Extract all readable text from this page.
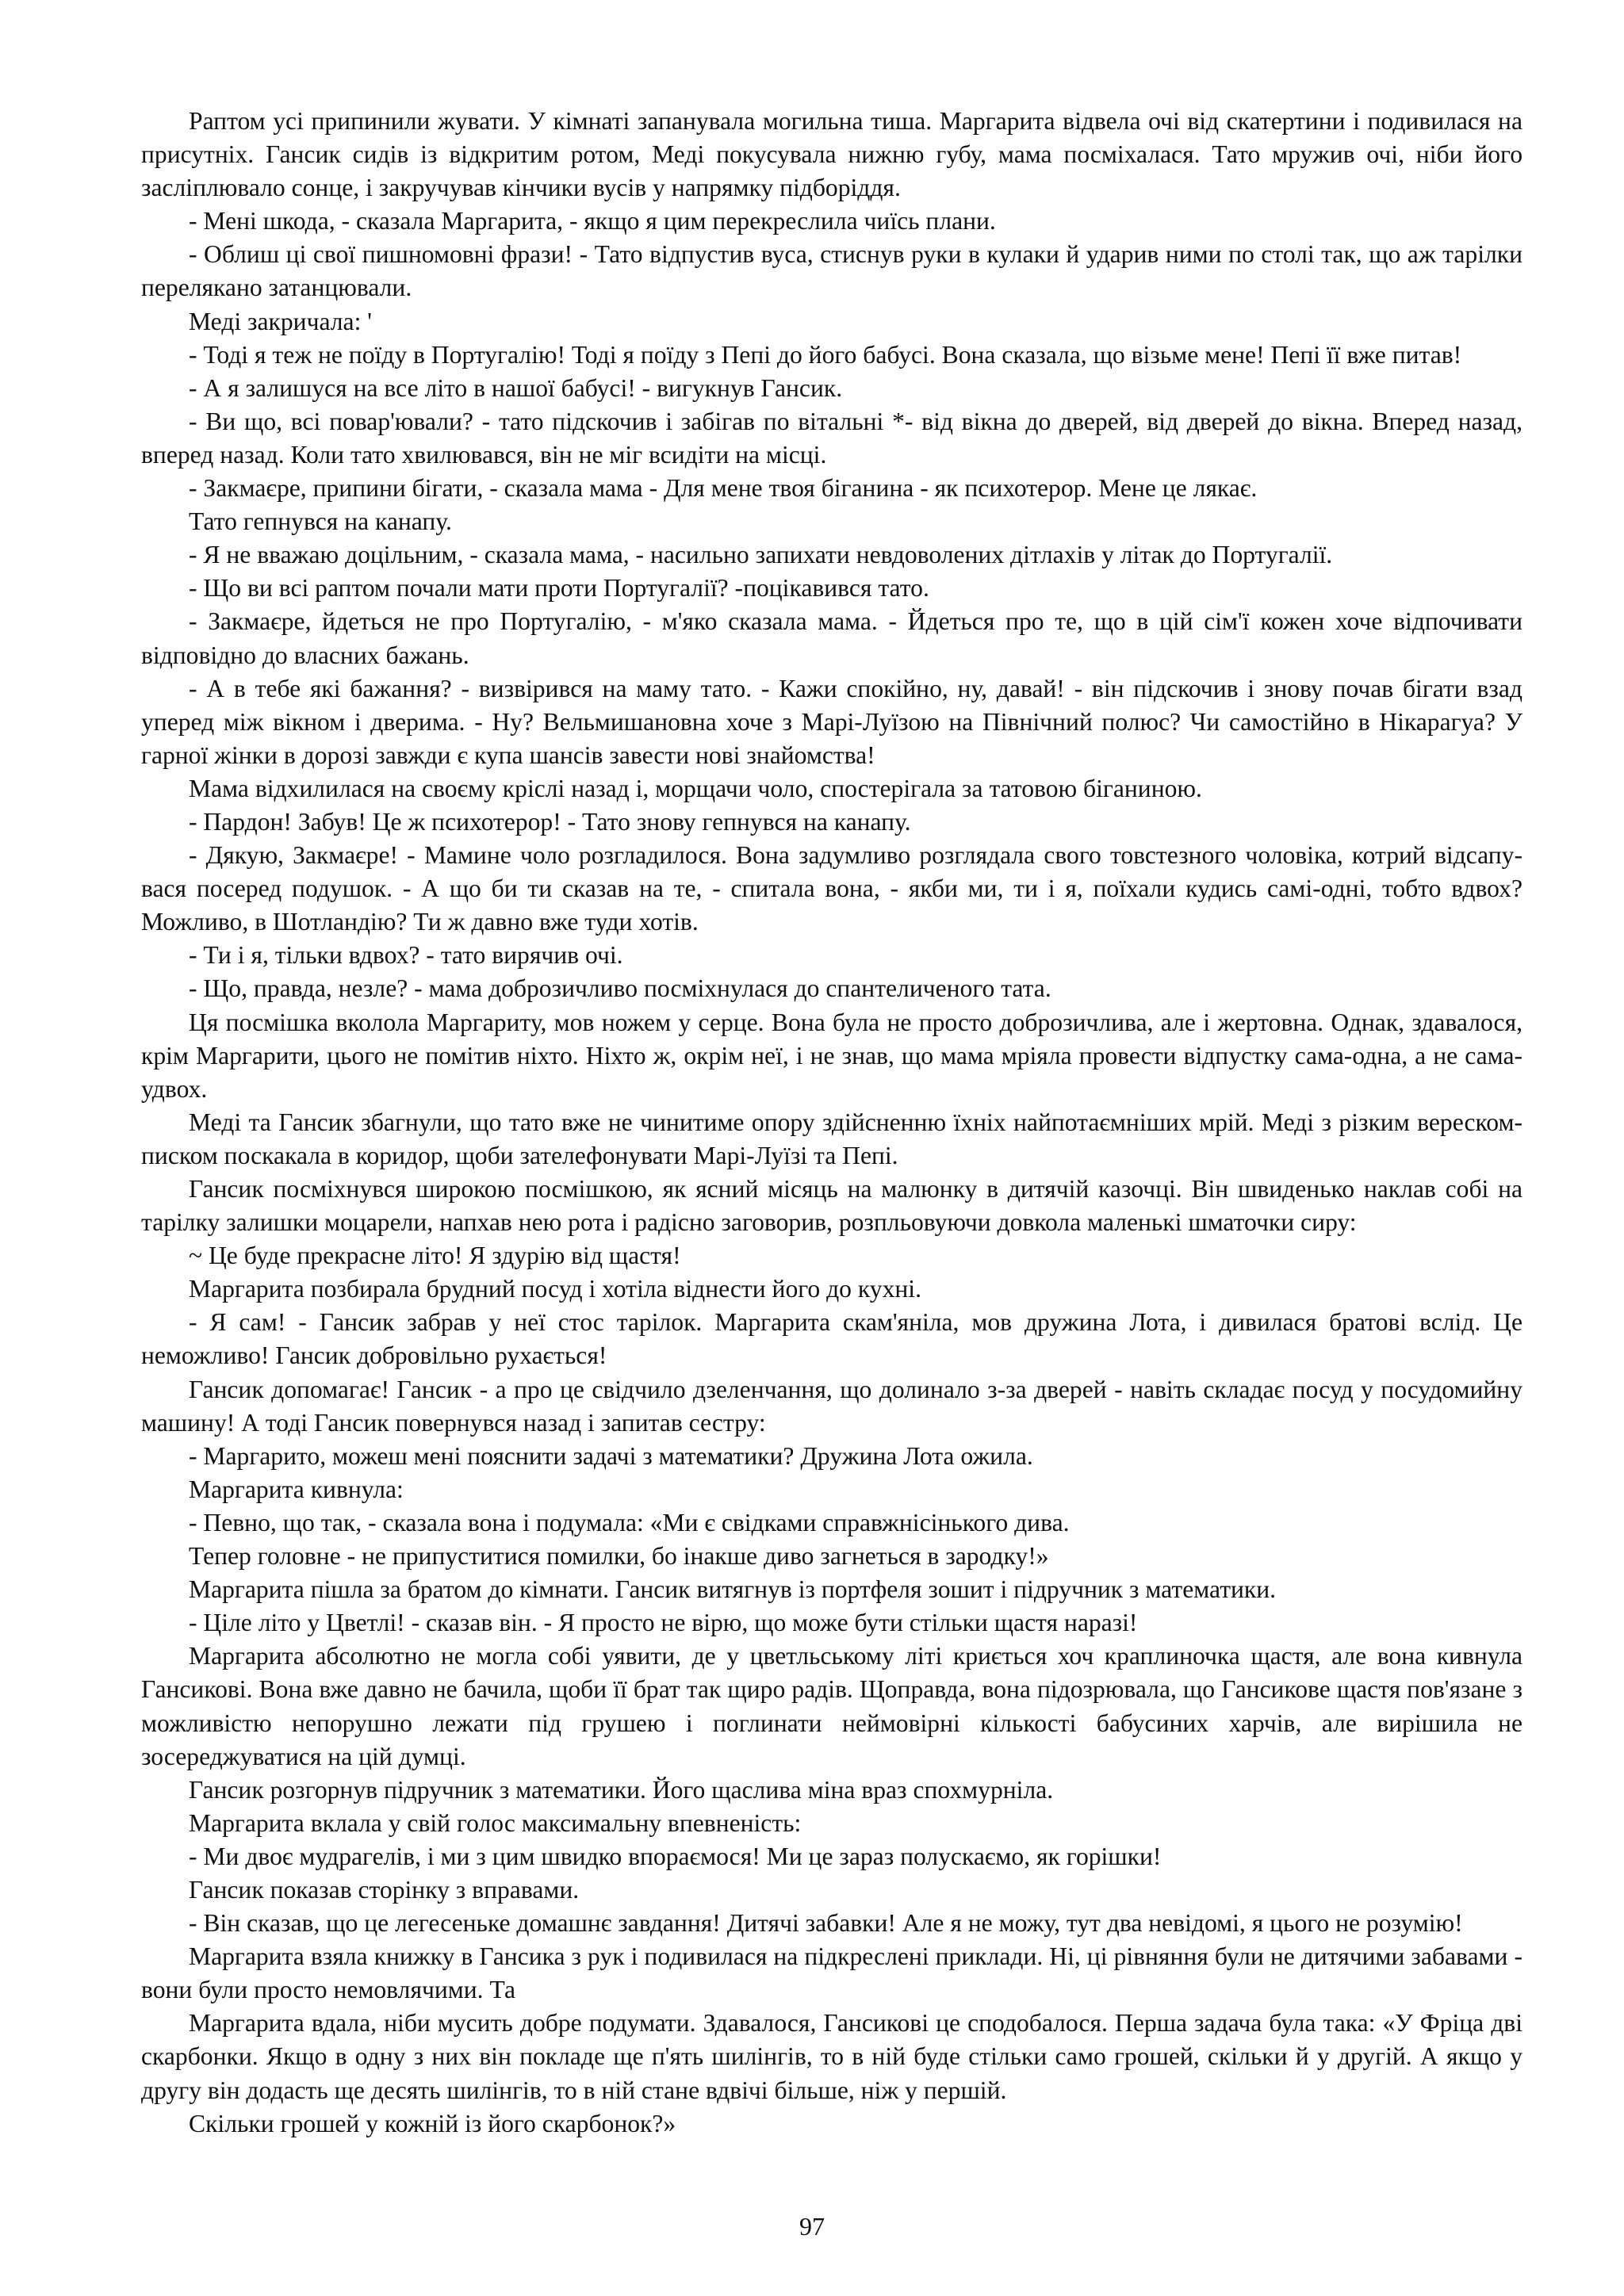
Раптом усі припинили жувати. У кімнаті запанувала могильна тиша. Маргарита відвела очі від скатертини і подивилася на присутніх. Гансик сидів із відкритим ротом, Меді покусувала нижню губу, мама посміхалася. Тато мружив очі, ніби його засліплювало сонце, і закручував кінчики вусів у напрямку підборіддя.

- Мені шкода, - сказала Маргарита, - якщо я цим перекреслила чиїсь плани.

- Облиш ці свої пишномовні фрази! - Тато відпустив вуса, стиснув руки в кулаки й ударив ними по столі так, що аж тарілки перелякано затанцювали.

Меді закричала: '

- Тоді я теж не поїду в Португалію! Тоді я поїду з Пепі до його бабусі. Вона сказала, що візьме мене! Пепі її вже питав!

- А я залишуся на все літо в нашої бабусі! - вигукнув Гансик.

- Ви що, всі повар'ювали? - тато підскочив і забігав по вітальні *- від вікна до дверей, від дверей до вікна. Вперед назад, вперед назад. Коли тато хвилювався, він не міг всидіти на місці.

- Закмаєре, припини бігати, - сказала мама - Для мене твоя біганина - як психотерор. Мене це лякає.

Тато гепнувся на канапу.

- Я не вважаю доцільним, - сказала мама, - насильно запихати невдоволених дітлахів у літак до Португалії.

- Що ви всі раптом почали мати проти Португалії? -поцікавився тато.

- Закмаєре, йдеться не про Португалію, - м'яко сказала мама. - Йдеться про те, що в цій сім'ї кожен хоче відпочивати відповідно до власних бажань.

- А в тебе які бажання? - визвірився на маму тато. - Кажи спокійно, ну, давай! - він підскочив і знову почав бігати взад уперед між вікном і дверима. - Ну? Вельмишановна хоче з Марі-Луїзою на Північний полюс? Чи самостійно в Нікарагуа? У гарної жінки в дорозі завжди є купа шансів завести нові знайомства!

Мама відхилилася на своєму кріслі назад і, морщачи чоло, спостерігала за татовою біганиною.

- Пардон! Забув! Це ж психотерор! - Тато знову гепнувся на канапу.

- Дякую, Закмаєре! - Мамине чоло розгладилося. Вона задумливо розглядала свого товстезного чоловіка, котрий відсапу-вася посеред подушок. - А що би ти сказав на те, - спитала вона, - якби ми, ти і я, поїхали кудись самі-одні, тобто вдвох? Можливо, в Шотландію? Ти ж давно вже туди хотів.

- Ти і я, тільки вдвох? - тато вирячив очі.

- Що, правда, незле? - мама доброзичливо посміхнулася до спантеличеного тата.

Ця посмішка вколола Маргариту, мов ножем у серце. Вона була не просто доброзичлива, але і жертовна. Однак, здавалося, крім Маргарити, цього не помітив ніхто. Ніхто ж, окрім неї, і не знав, що мама мріяла провести відпустку сама-одна, а не сама-удвох.

Меді та Гансик збагнули, що тато вже не чинитиме опору здійсненню їхніх найпотаємніших мрій. Меді з різким вереском-писком поскакала в коридор, щоби зателефонувати Марі-Луїзі та Пепі.

Гансик посміхнувся широкою посмішкою, як ясний місяць на малюнку в дитячій казочці. Він швиденько наклав собі на тарілку залишки моцарели, напхав нею рота і радісно заговорив, розпльовуючи довкола маленькі шматочки сиру:

~ Це буде прекрасне літо! Я здурію від щастя!

Маргарита позбирала брудний посуд і хотіла віднести його до кухні.

- Я сам! - Гансик забрав у неї стос тарілок. Маргарита скам'яніла, мов дружина Лота, і дивилася братові вслід. Це неможливо! Гансик добровільно рухається!

Гансик допомагає! Гансик - а про це свідчило дзеленчання, що долинало з-за дверей - навіть складає посуд у посудомийну машину! А тоді Гансик повернувся назад і запитав сестру:

- Маргарито, можеш мені пояснити задачі з математики? Дружина Лота ожила.

Маргарита кивнула:

- Певно, що так, - сказала вона і подумала: «Ми є свідками справжнісінького дива.

Тепер головне - не припуститися помилки, бо інакше диво загнеться в зародку!»

Маргарита пішла за братом до кімнати. Гансик витягнув із портфеля зошит і підручник з математики.

- Ціле літо у Цветлі! - сказав він. - Я просто не вірю, що може бути стільки щастя наразі!

Маргарита абсолютно не могла собі уявити, де у цветльському літі криється хоч краплиночка щастя, але вона кивнула Гансикові. Вона вже давно не бачила, щоби її брат так щиро радів. Щоправда, вона підозрювала, що Гансикове щастя пов'язане з можливістю непорушно лежати під грушею і поглинати неймовірні кількості бабусиних харчів, але вирішила не зосереджуватися на цій думці.

Гансик розгорнув підручник з математики. Його щаслива міна враз спохмурніла.

Маргарита вклала у свій голос максимальну впевненість:

- Ми двоє мудрагелів, і ми з цим швидко впораємося! Ми це зараз полускаємо, як горішки!

Гансик показав сторінку з вправами.

- Він сказав, що це легесеньке домашнє завдання! Дитячі забавки! Але я не можу, тут два невідомі, я цього не розумію!

Маргарита взяла книжку в Гансика з рук і подивилася на підкреслені приклади. Ні, ці рівняння були не дитячими забавами - вони були просто немовлячими. Та

Маргарита вдала, ніби мусить добре подумати. Здавалося, Гансикові це сподобалося. Перша задача була така: «У Фріца дві скарбонки. Якщо в одну з них він покладе ще п'ять шилінгів, то в ній буде стільки само грошей, скільки й у другій. А якщо у другу він додасть ще десять шилінгів, то в ній стане вдвічі більше, ніж у першій.

Скільки грошей у кожній із його скарбонок?»

97
